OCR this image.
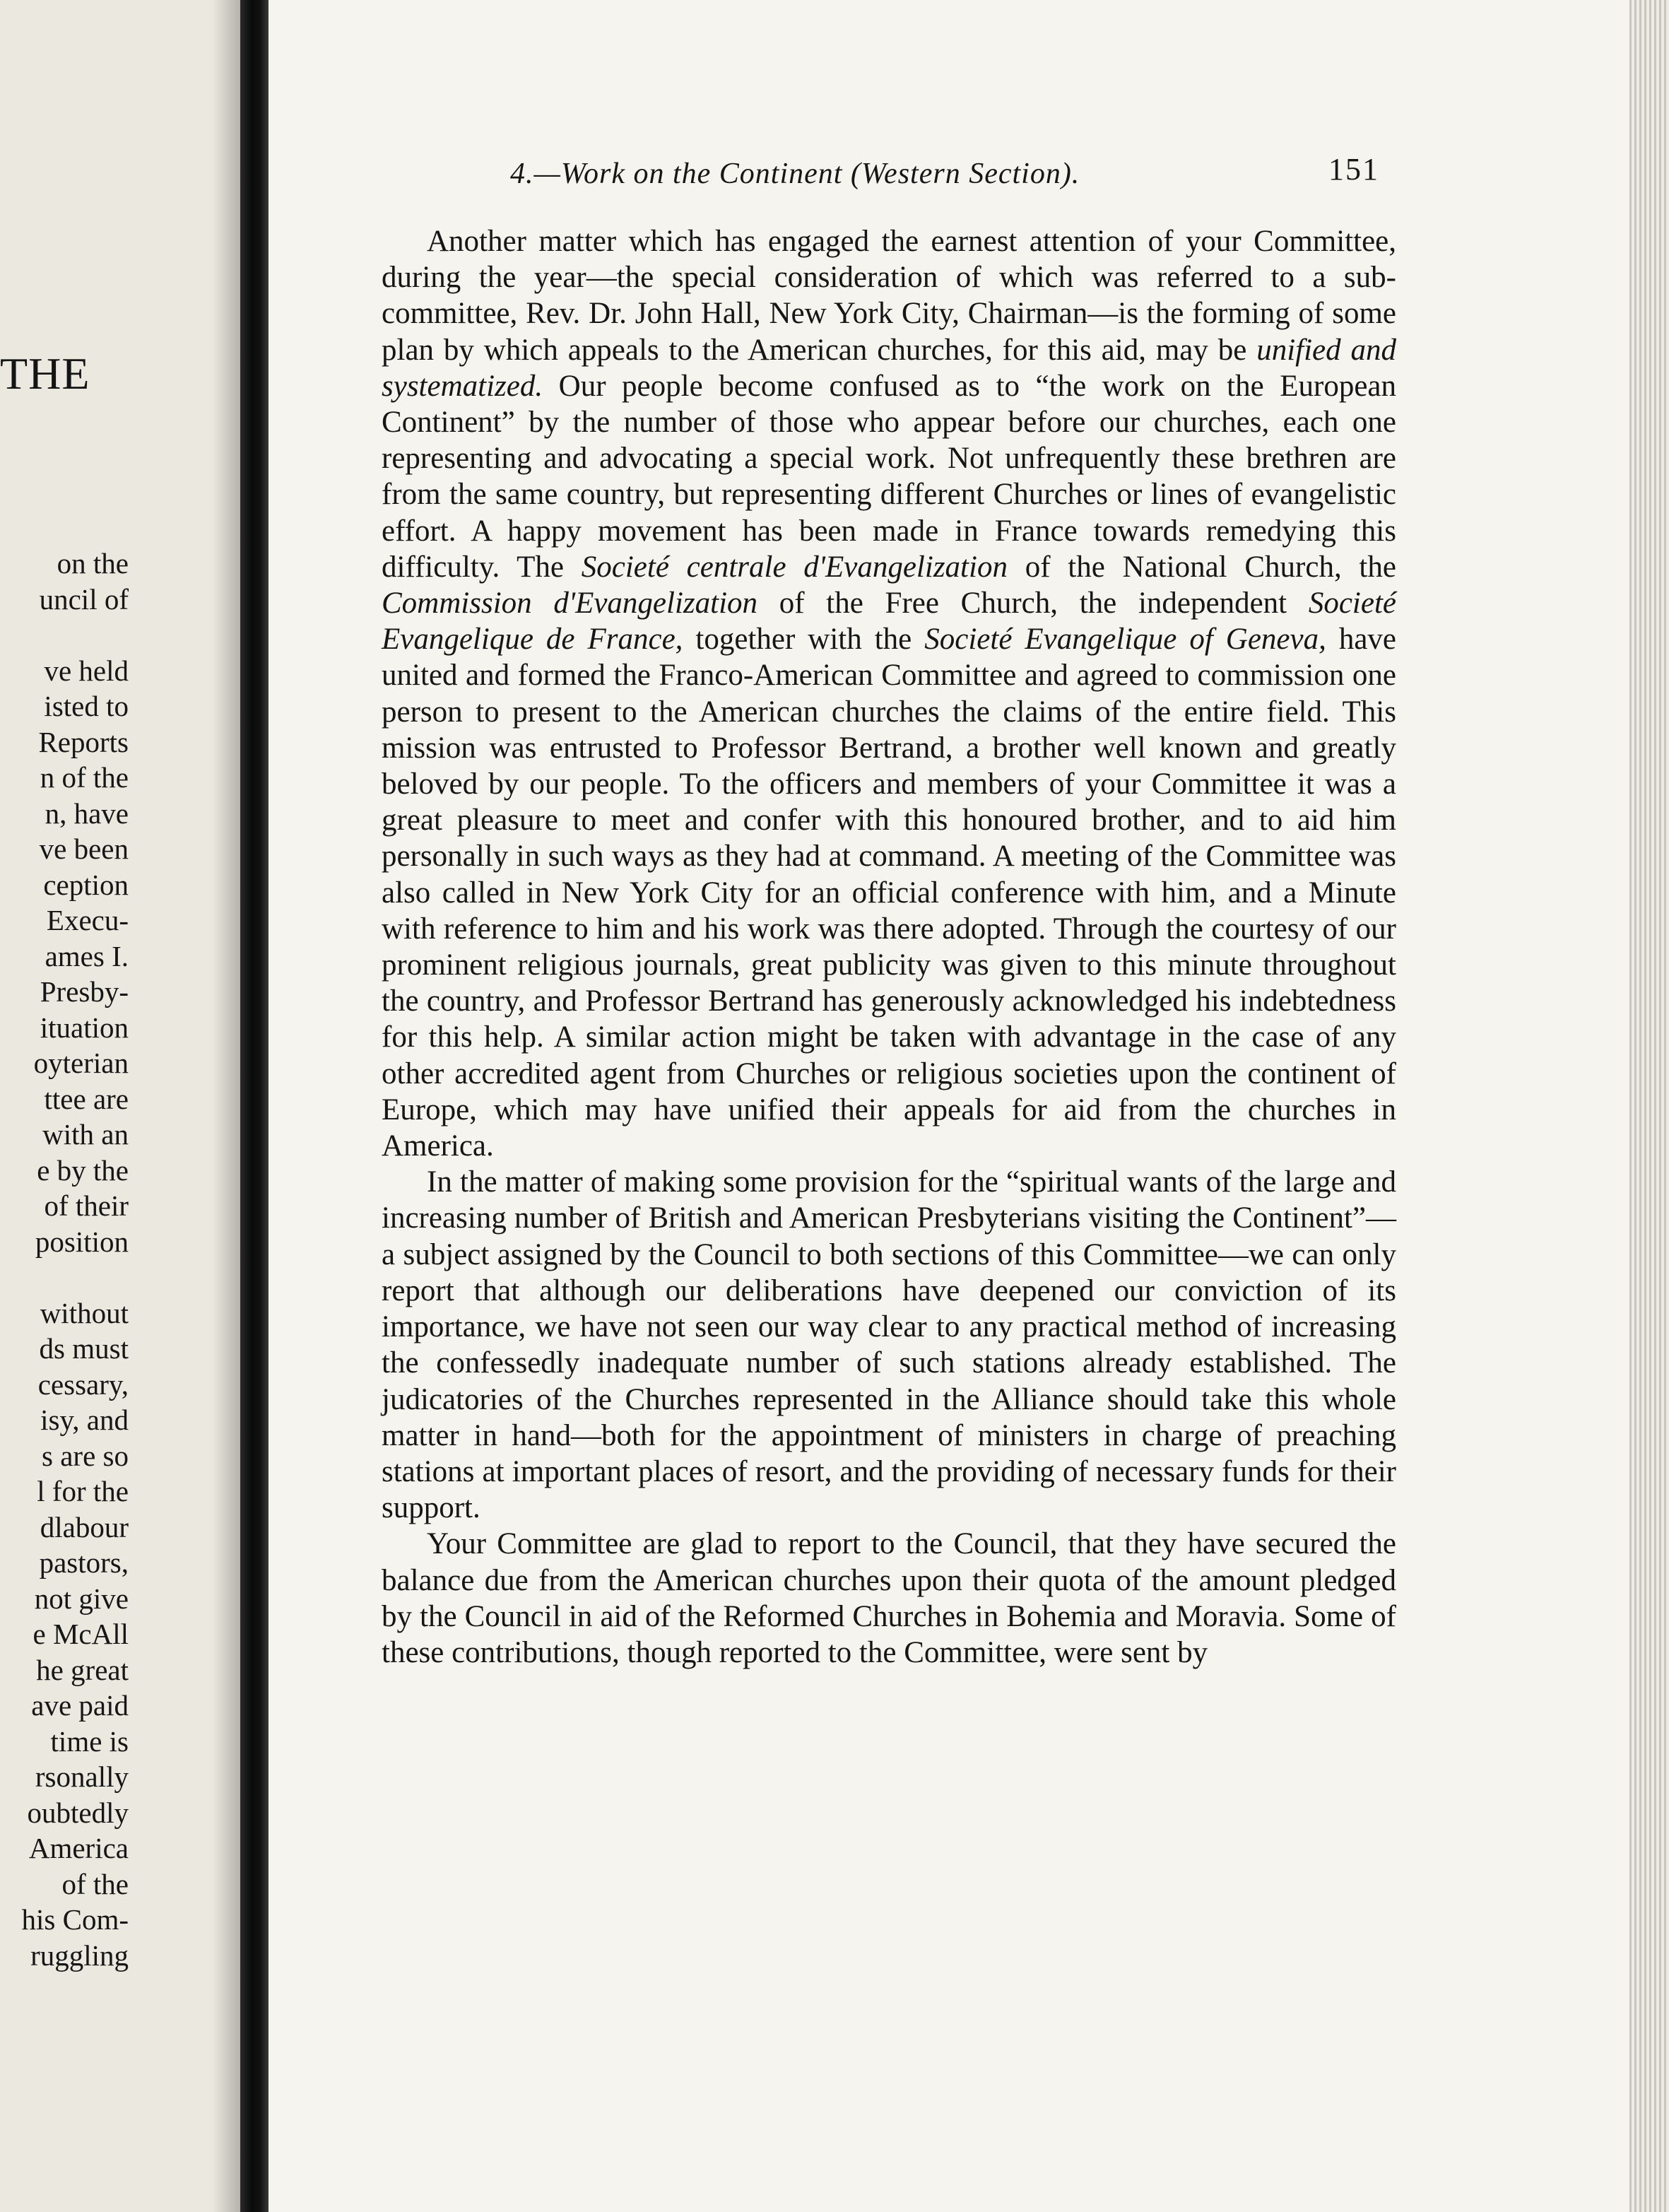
THE
on the
uncil of
ve held
isted to
Reports
n of the
n, have
ve been
ception
Execu-
ames I.
Presby-
ituation
oyterian
ttee are
with an
e by the
of their
position
without
ds must
cessary,
isy, and
s are so
l for the
dlabour
pastors,
not give
e McAll
he great
ave paid
time is
rsonally
oubtedly
America
of the
his Com-
ruggling
4.—Work on the Continent (Western Section).	151

Another matter which has engaged the earnest attention of your Committee, during the year—the special consideration of which was referred to a sub-committee, Rev. Dr. John Hall, New York City, Chairman—is the forming of some plan by which appeals to the American churches, for this aid, may be unified and systematized. Our people become confused as to “the work on the European Continent” by the number of those who appear before our churches, each one representing and advocating a special work. Not unfrequently these brethren are from the same country, but representing different Churches or lines of evangelistic effort. A happy movement has been made in France towards remedying this difficulty. The Societé centrale d'Evangelization of the National Church, the Commission d'Evangelization of the Free Church, the independent Societé Evangelique de France, together with the Societé Evangelique of Geneva, have united and formed the Franco-American Committee and agreed to commission one person to present to the American churches the claims of the entire field. This mission was entrusted to Professor Bertrand, a brother well known and greatly beloved by our people. To the officers and members of your Committee it was a great pleasure to meet and confer with this honoured brother, and to aid him personally in such ways as they had at command. A meeting of the Committee was also called in New York City for an official conference with him, and a Minute with reference to him and his work was there adopted. Through the courtesy of our prominent religious journals, great publicity was given to this minute throughout the country, and Professor Bertrand has generously acknowledged his indebtedness for this help. A similar action might be taken with advantage in the case of any other accredited agent from Churches or religious societies upon the continent of Europe, which may have unified their appeals for aid from the churches in America.

In the matter of making some provision for the “spiritual wants of the large and increasing number of British and American Presbyterians visiting the Continent”—a subject assigned by the Council to both sections of this Committee—we can only report that although our deliberations have deepened our conviction of its importance, we have not seen our way clear to any practical method of increasing the confessedly inadequate number of such stations already established. The judicatories of the Churches represented in the Alliance should take this whole matter in hand—both for the appointment of ministers in charge of preaching stations at important places of resort, and the providing of necessary funds for their support.

Your Committee are glad to report to the Council, that they have secured the balance due from the American churches upon their quota of the amount pledged by the Council in aid of the Reformed Churches in Bohemia and Moravia. Some of these contributions, though reported to the Committee, were sent by
